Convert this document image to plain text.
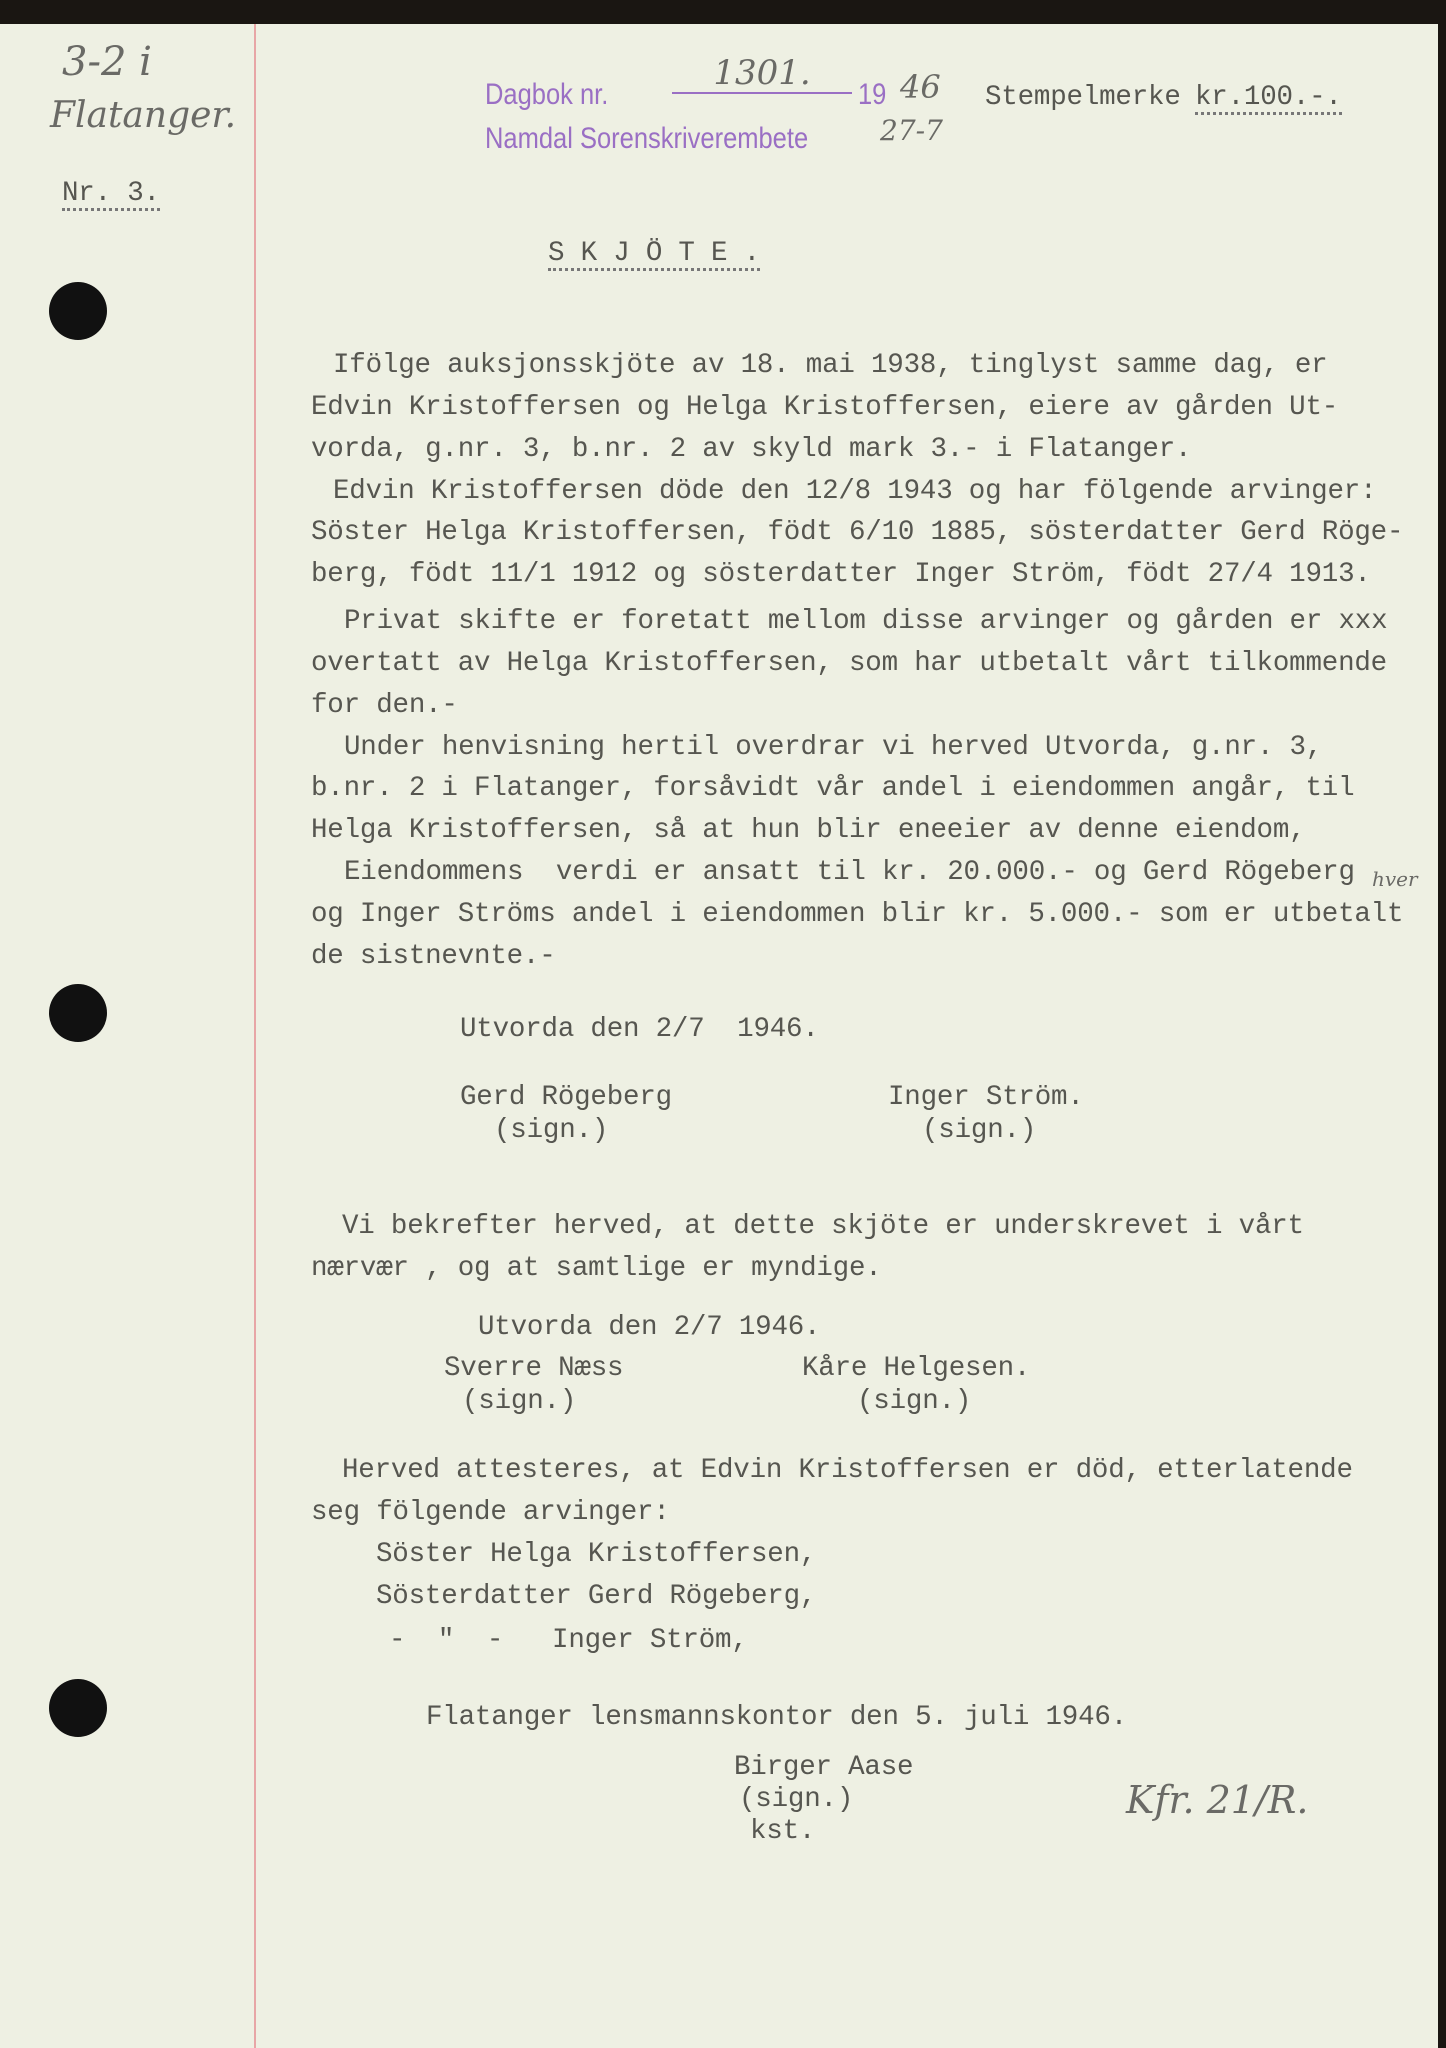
3-2 i
Flatanger.
Nr. 3.
Dagbok nr.
1301.
19 46
27-7
Namdal Sorenskriverembete
Stempelmerke kr.100.-.
S K J Ö T E .
Ifölge auksjonsskjöte av 18. mai 1938, tinglyst samme dag, er
Edvin Kristoffersen og Helga Kristoffersen, eiere av gården Ut-
vorda, g.nr. 3, b.nr. 2 av skyld mark 3.- i Flatanger.
Edvin Kristoffersen döde den 12/8 1943 og har fölgende arvinger:
Söster Helga Kristoffersen, födt 6/10 1885, sösterdatter Gerd Röge-
berg, födt 11/1 1912 og sösterdatter Inger Ström, födt 27/4 1913.
Privat skifte er foretatt mellom disse arvinger og gården er xxx
overtatt av Helga Kristoffersen, som har utbetalt vårt tilkommende
for den.-
Under henvisning hertil overdrar vi herved Utvorda, g.nr. 3,
b.nr. 2 i Flatanger, forsåvidt vår andel i eiendommen angår, til
Helga Kristoffersen, så at hun blir eneeier av denne eiendom,
Eiendommens  verdi er ansatt til kr. 20.000.- og Gerd Rögeberg hver
og Inger Ströms andel i eiendommen blir kr. 5.000.- som er utbetalt
de sistnevnte.-
Utvorda den 2/7  1946.
Gerd Rögeberg
(sign.)
Inger Ström.
(sign.)
Vi bekrefter herved, at dette skjöte er underskrevet i vårt
nærvær , og at samtlige er myndige.
Utvorda den 2/7 1946.
Sverre Næss
(sign.)
Kåre Helgesen.
(sign.)
Herved attesteres, at Edvin Kristoffersen er död, etterlatende
seg fölgende arvinger:
Söster Helga Kristoffersen,
Sösterdatter Gerd Rögeberg,
-  "  -   Inger Ström,
Flatanger lensmannskontor den 5. juli 1946.
Birger Aase
(sign.)
kst.
Kfr. 21/R.
